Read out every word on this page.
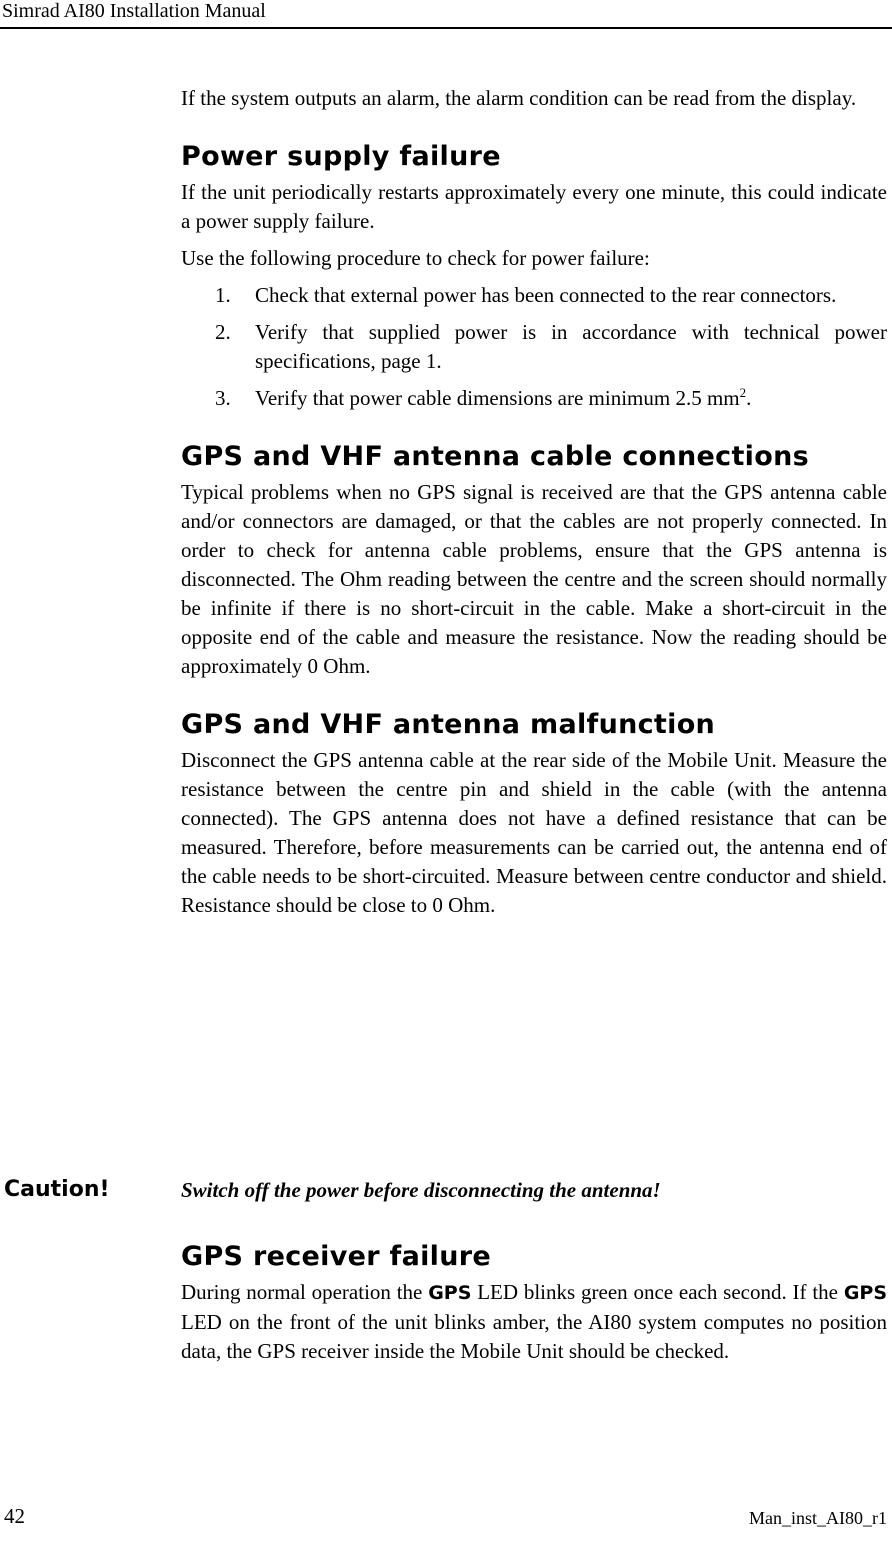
Simrad AI80 Installation Manual

If the system outputs an alarm, the alarm condition can be read from the display.

Power supply failure

If the unit periodically restarts approximately every one minute, this could indicate a power supply failure.

Use the following procedure to check for power failure:

1. Check that external power has been connected to the rear connectors.
2. Verify that supplied power is in accordance with technical power specifications, page 1.
3. Verify that power cable dimensions are minimum 2.5 $mm^2$.
GPS and VHF antenna cable connections

Typical problems when no GPS signal is received are that the GPS antenna cable and/or connectors are damaged, or that the cables are not properly connected. In order to check for antenna cable problems, ensure that the GPS antenna is disconnected. The Ohm reading between the centre and the screen should normally be infinite if there is no short-circuit in the cable. Make a short-circuit in the opposite end of the cable and measure the resistance. Now the reading should be approximately 0 Ohm.

GPS and VHF antenna malfunction

Disconnect the GPS antenna cable at the rear side of the Mobile Unit. Measure the resistance between the centre pin and shield in the cable (with the antenna connected). The GPS antenna does not have a defined resistance that can be measured. Therefore, before measurements can be carried out, the antenna end of the cable needs to be short-circuited. Measure between centre conductor and shield. Resistance should be close to 0 Ohm.

Caution!	Switch off the power before disconnecting the antenna!
GPS receiver failure

During normal operation the GPS LED blinks green once each second. If the GPS LED on the front of the unit blinks amber, the AI80 system computes no position data, the GPS receiver inside the Mobile Unit should be checked.

42	Man_inst_AI80_r1
